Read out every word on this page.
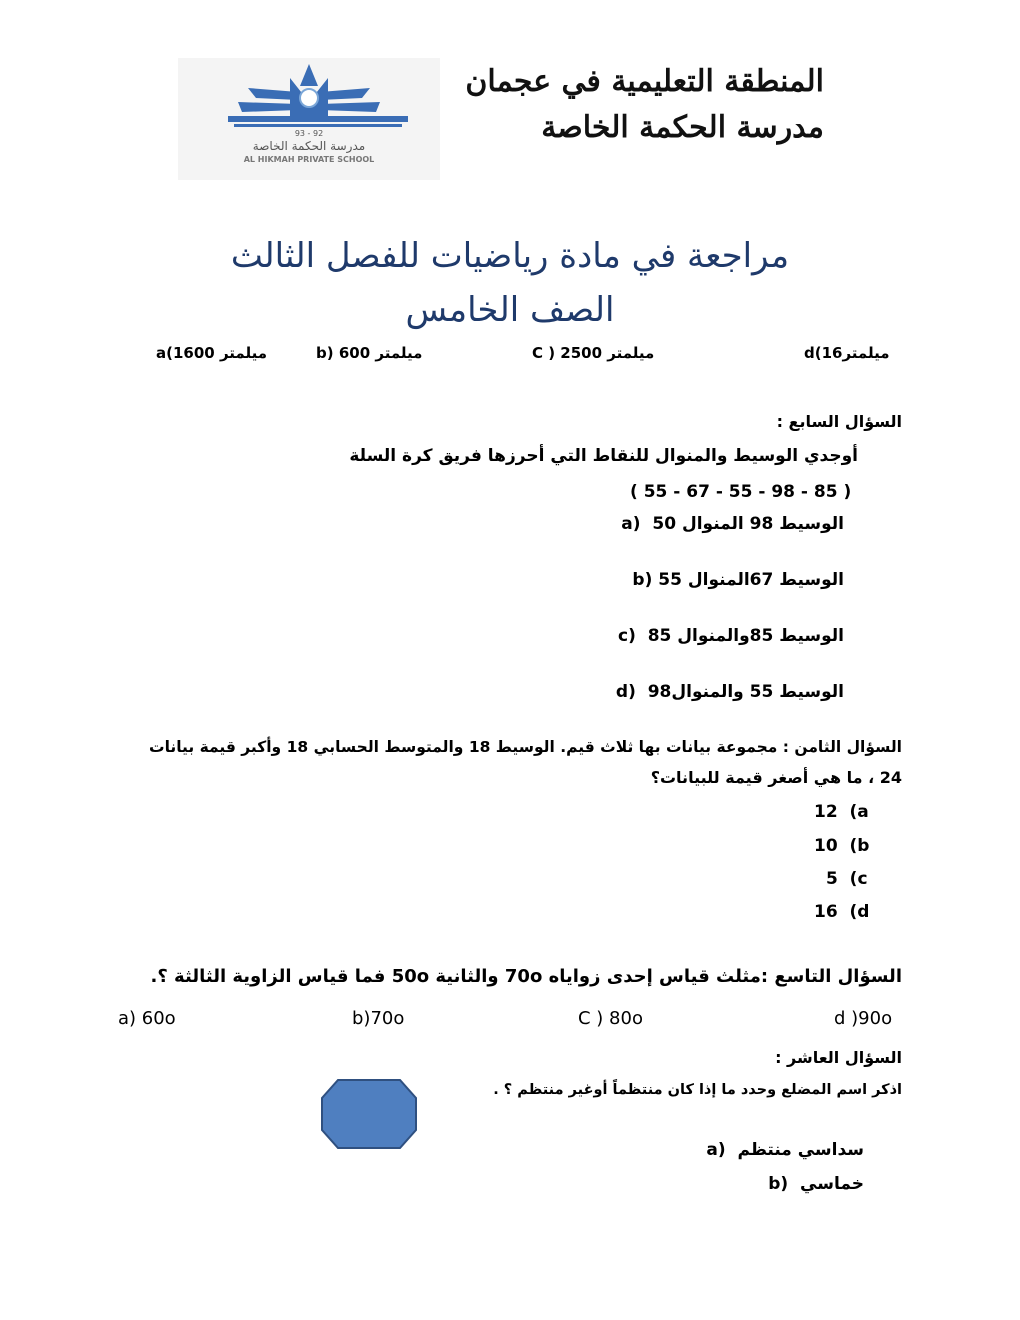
93 - 92
مدرسة الحكمة الخاصة
AL HIKMAH PRIVATE SCHOOL
المنطقة التعليمية في عجمان
مدرسة الحكمة الخاصة
مراجعة في مادة رياضيات للفصل الثالث
الصف الخامس
a(1600 ميلمتر	b) ميلمتر 600	C ) 2500 ميلمتر	d(16ميلمتر
السؤال السابع :
أوجدي الوسيط والمنوال للنقاط التي أحرزها فريق كرة السلة
( 55 - 67 - 55 - 98 - 85 )
a) الوسيط 98 المنوال 50
b) الوسيط 67المنوال 55
c) الوسيط 85والمنوال 85
d) الوسيط 55 والمنوال98
السؤال الثامن : مجموعة بيانات بها ثلاث قيم. الوسيط 18 والمتوسط الحسابي 18 وأكبر قيمة بيانات
24 ، ما هي أصغر قيمة للبيانات؟
12  (a
10  (b
5  (c
16  (d
السؤال التاسع :مثلث قياس إحدى زواياه 70o والثانية 50o فما قياس الزاوية الثالثة ؟.
a) 60o	b)70o	C ) 80o	d )90o
السؤال العاشر :
اذكر اسم المضلع وحدد ما إذا كان منتظماً أوغير منتظم ؟ .
a) سداسي منتظم
b) خماسي
